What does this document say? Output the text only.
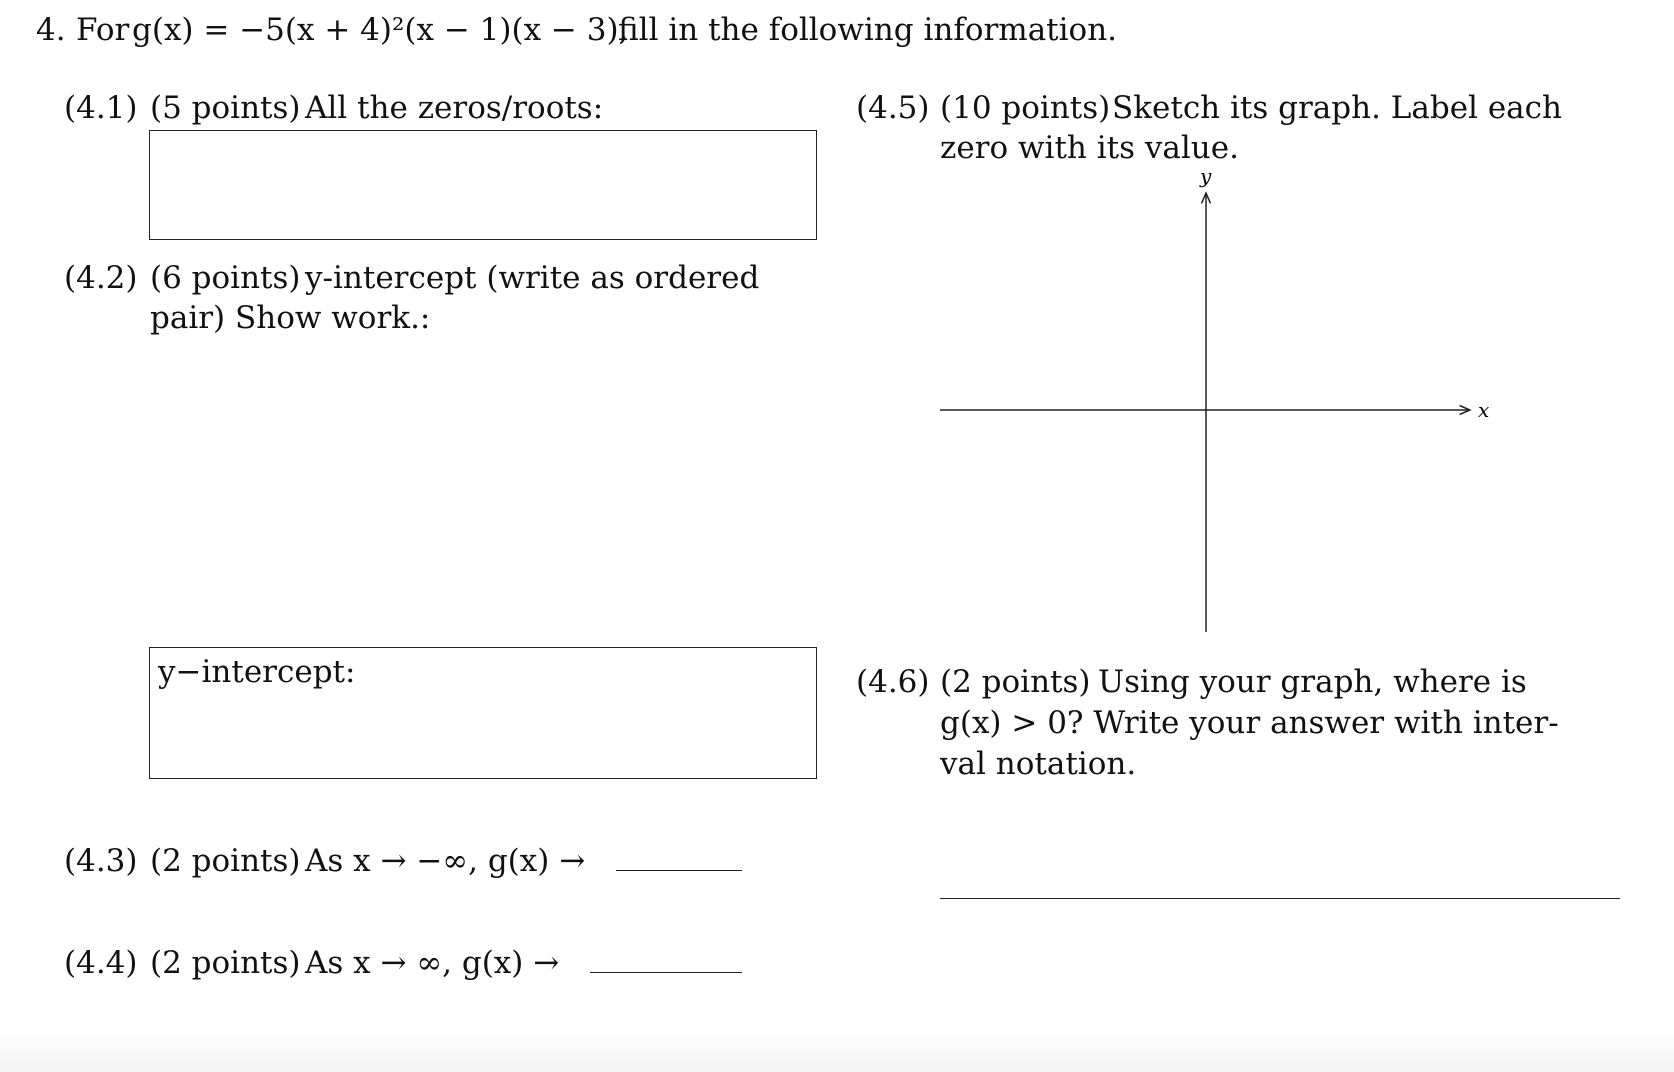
4. For g(x) = −5(x + 4)²(x − 1)(x − 3),
fill in the following information.
(4.1) (5 points) All the zeros/roots:
(4.2) (6 points) y-intercept (write as ordered
pair) Show work.:
y−intercept:
(4.3) (2 points) As x → −∞, g(x) →
(4.4) (2 points) As x → ∞, g(x) →
(4.5) (10 points) Sketch its graph. Label each
zero with its value.
y
x
(4.6) (2 points) Using your graph, where is
g(x) > 0? Write your answer with inter-
val notation.
